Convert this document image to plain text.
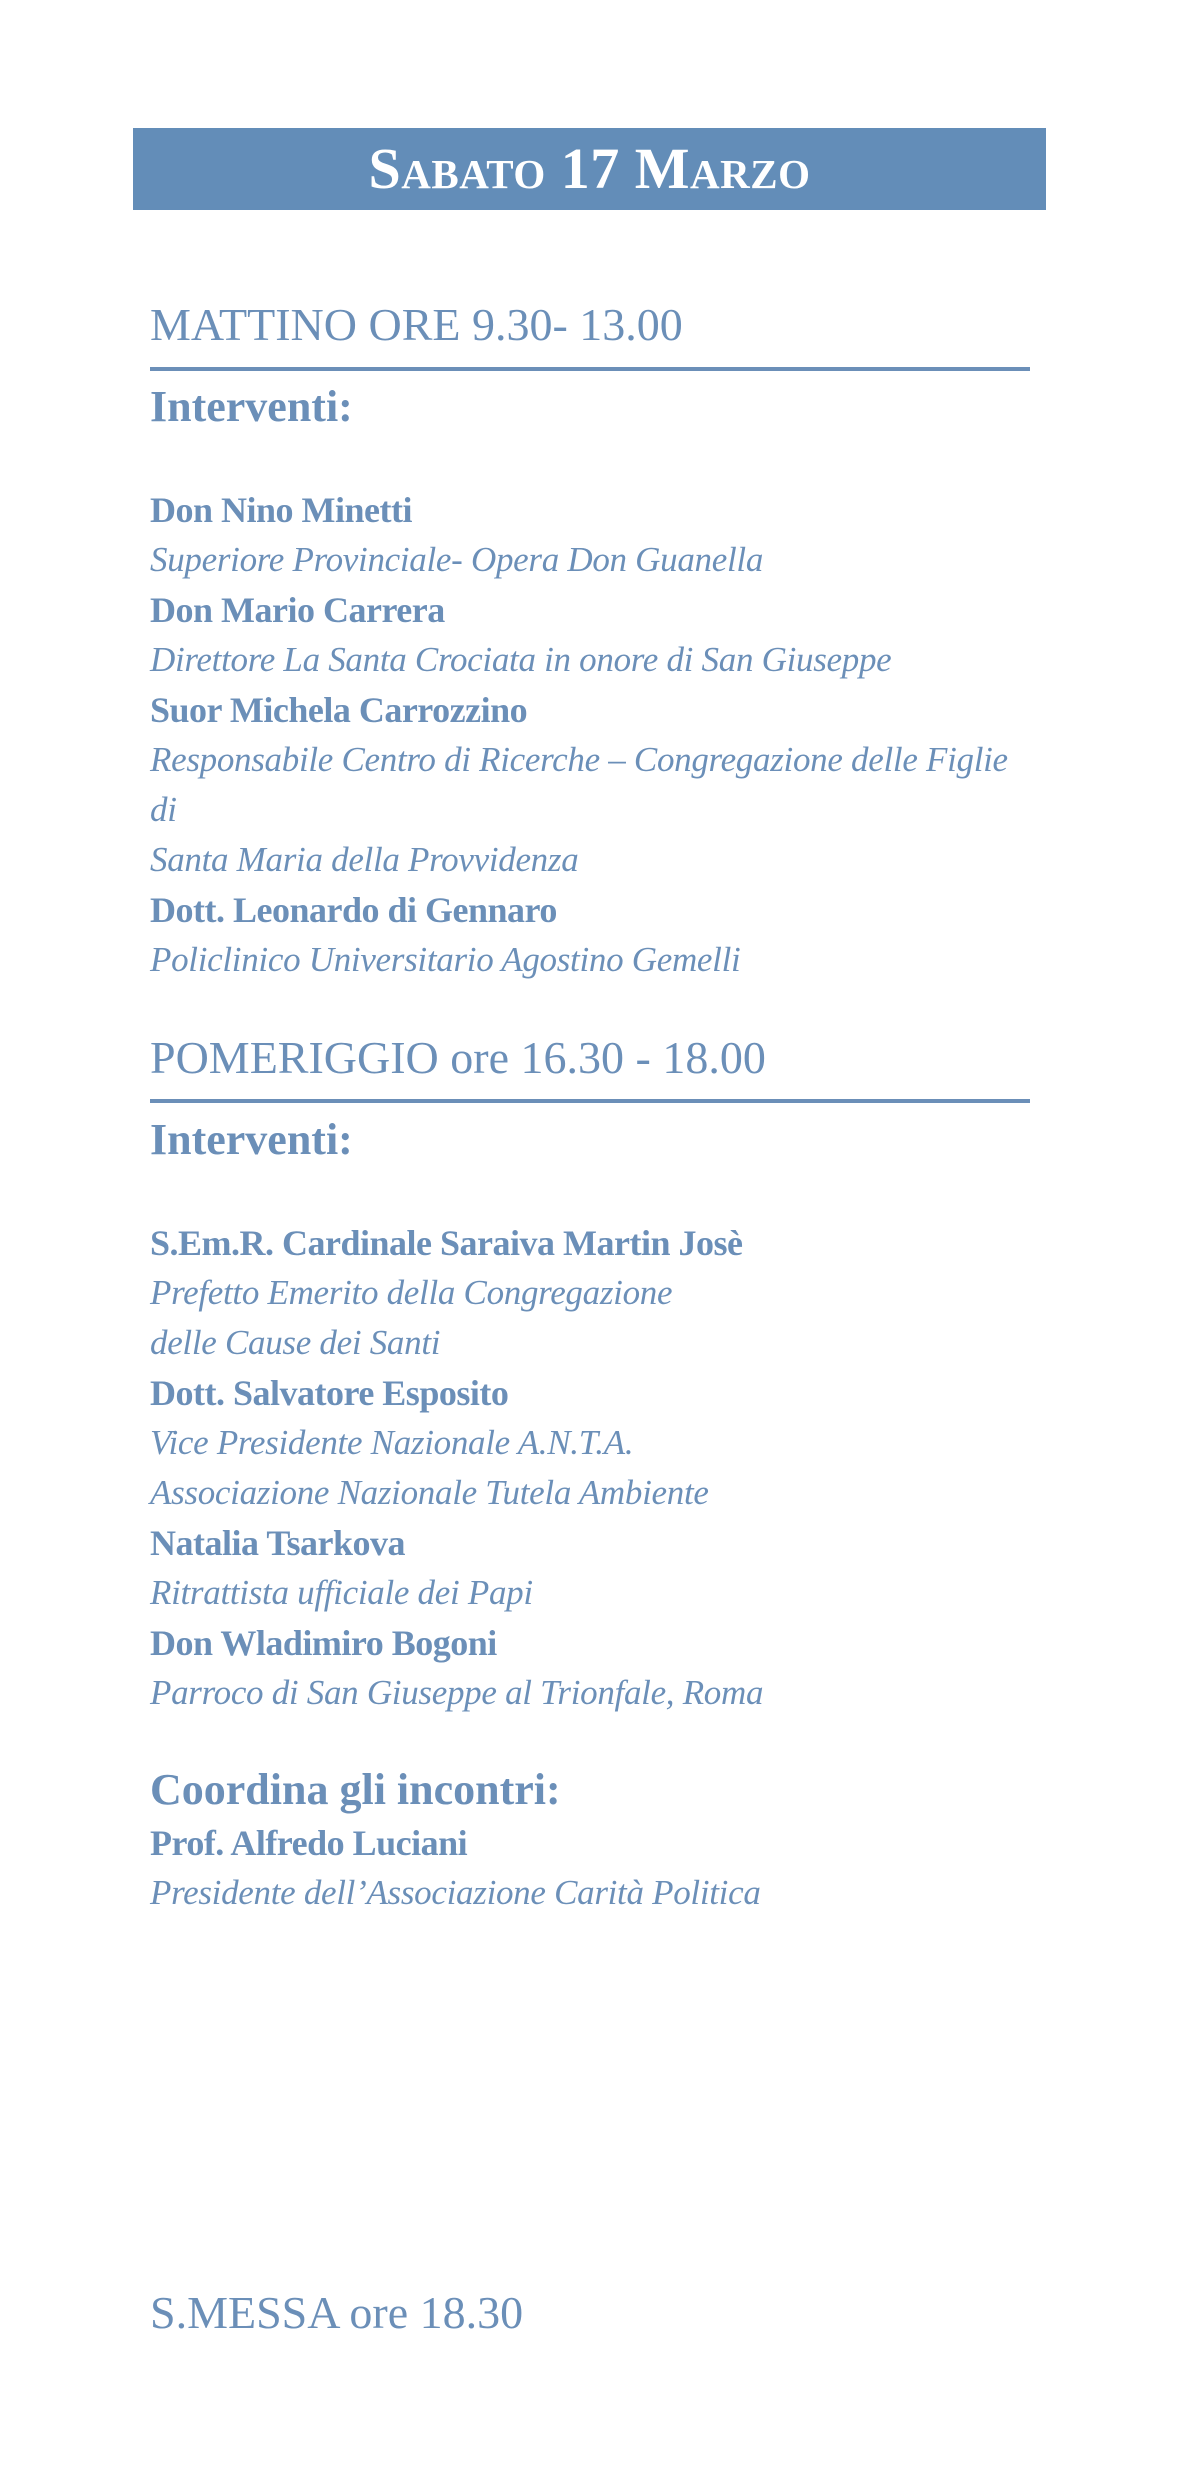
Sabato 17 Marzo
MATTINO ORE 9.30- 13.00
Interventi:
Don Nino Minetti
Superiore Provinciale- Opera Don Guanella
Don Mario Carrera
Direttore La Santa Crociata in onore di San Giuseppe
Suor Michela Carrozzino
Responsabile Centro di Ricerche – Congregazione delle Figlie di
Santa Maria della Provvidenza
Dott. Leonardo di Gennaro
Policlinico Universitario Agostino Gemelli
POMERIGGIO ore 16.30 - 18.00
Interventi:
S.Em.R. Cardinale Saraiva Martin Josè
Prefetto Emerito della Congregazione
delle Cause dei Santi
Dott. Salvatore Esposito
Vice Presidente Nazionale A.N.T.A.
Associazione Nazionale Tutela Ambiente
Natalia Tsarkova
Ritrattista ufficiale dei Papi
Don Wladimiro Bogoni
Parroco di San Giuseppe al Trionfale, Roma
Coordina gli incontri:
Prof. Alfredo Luciani
Presidente dell’Associazione Carità Politica
S.MESSA ore 18.30
